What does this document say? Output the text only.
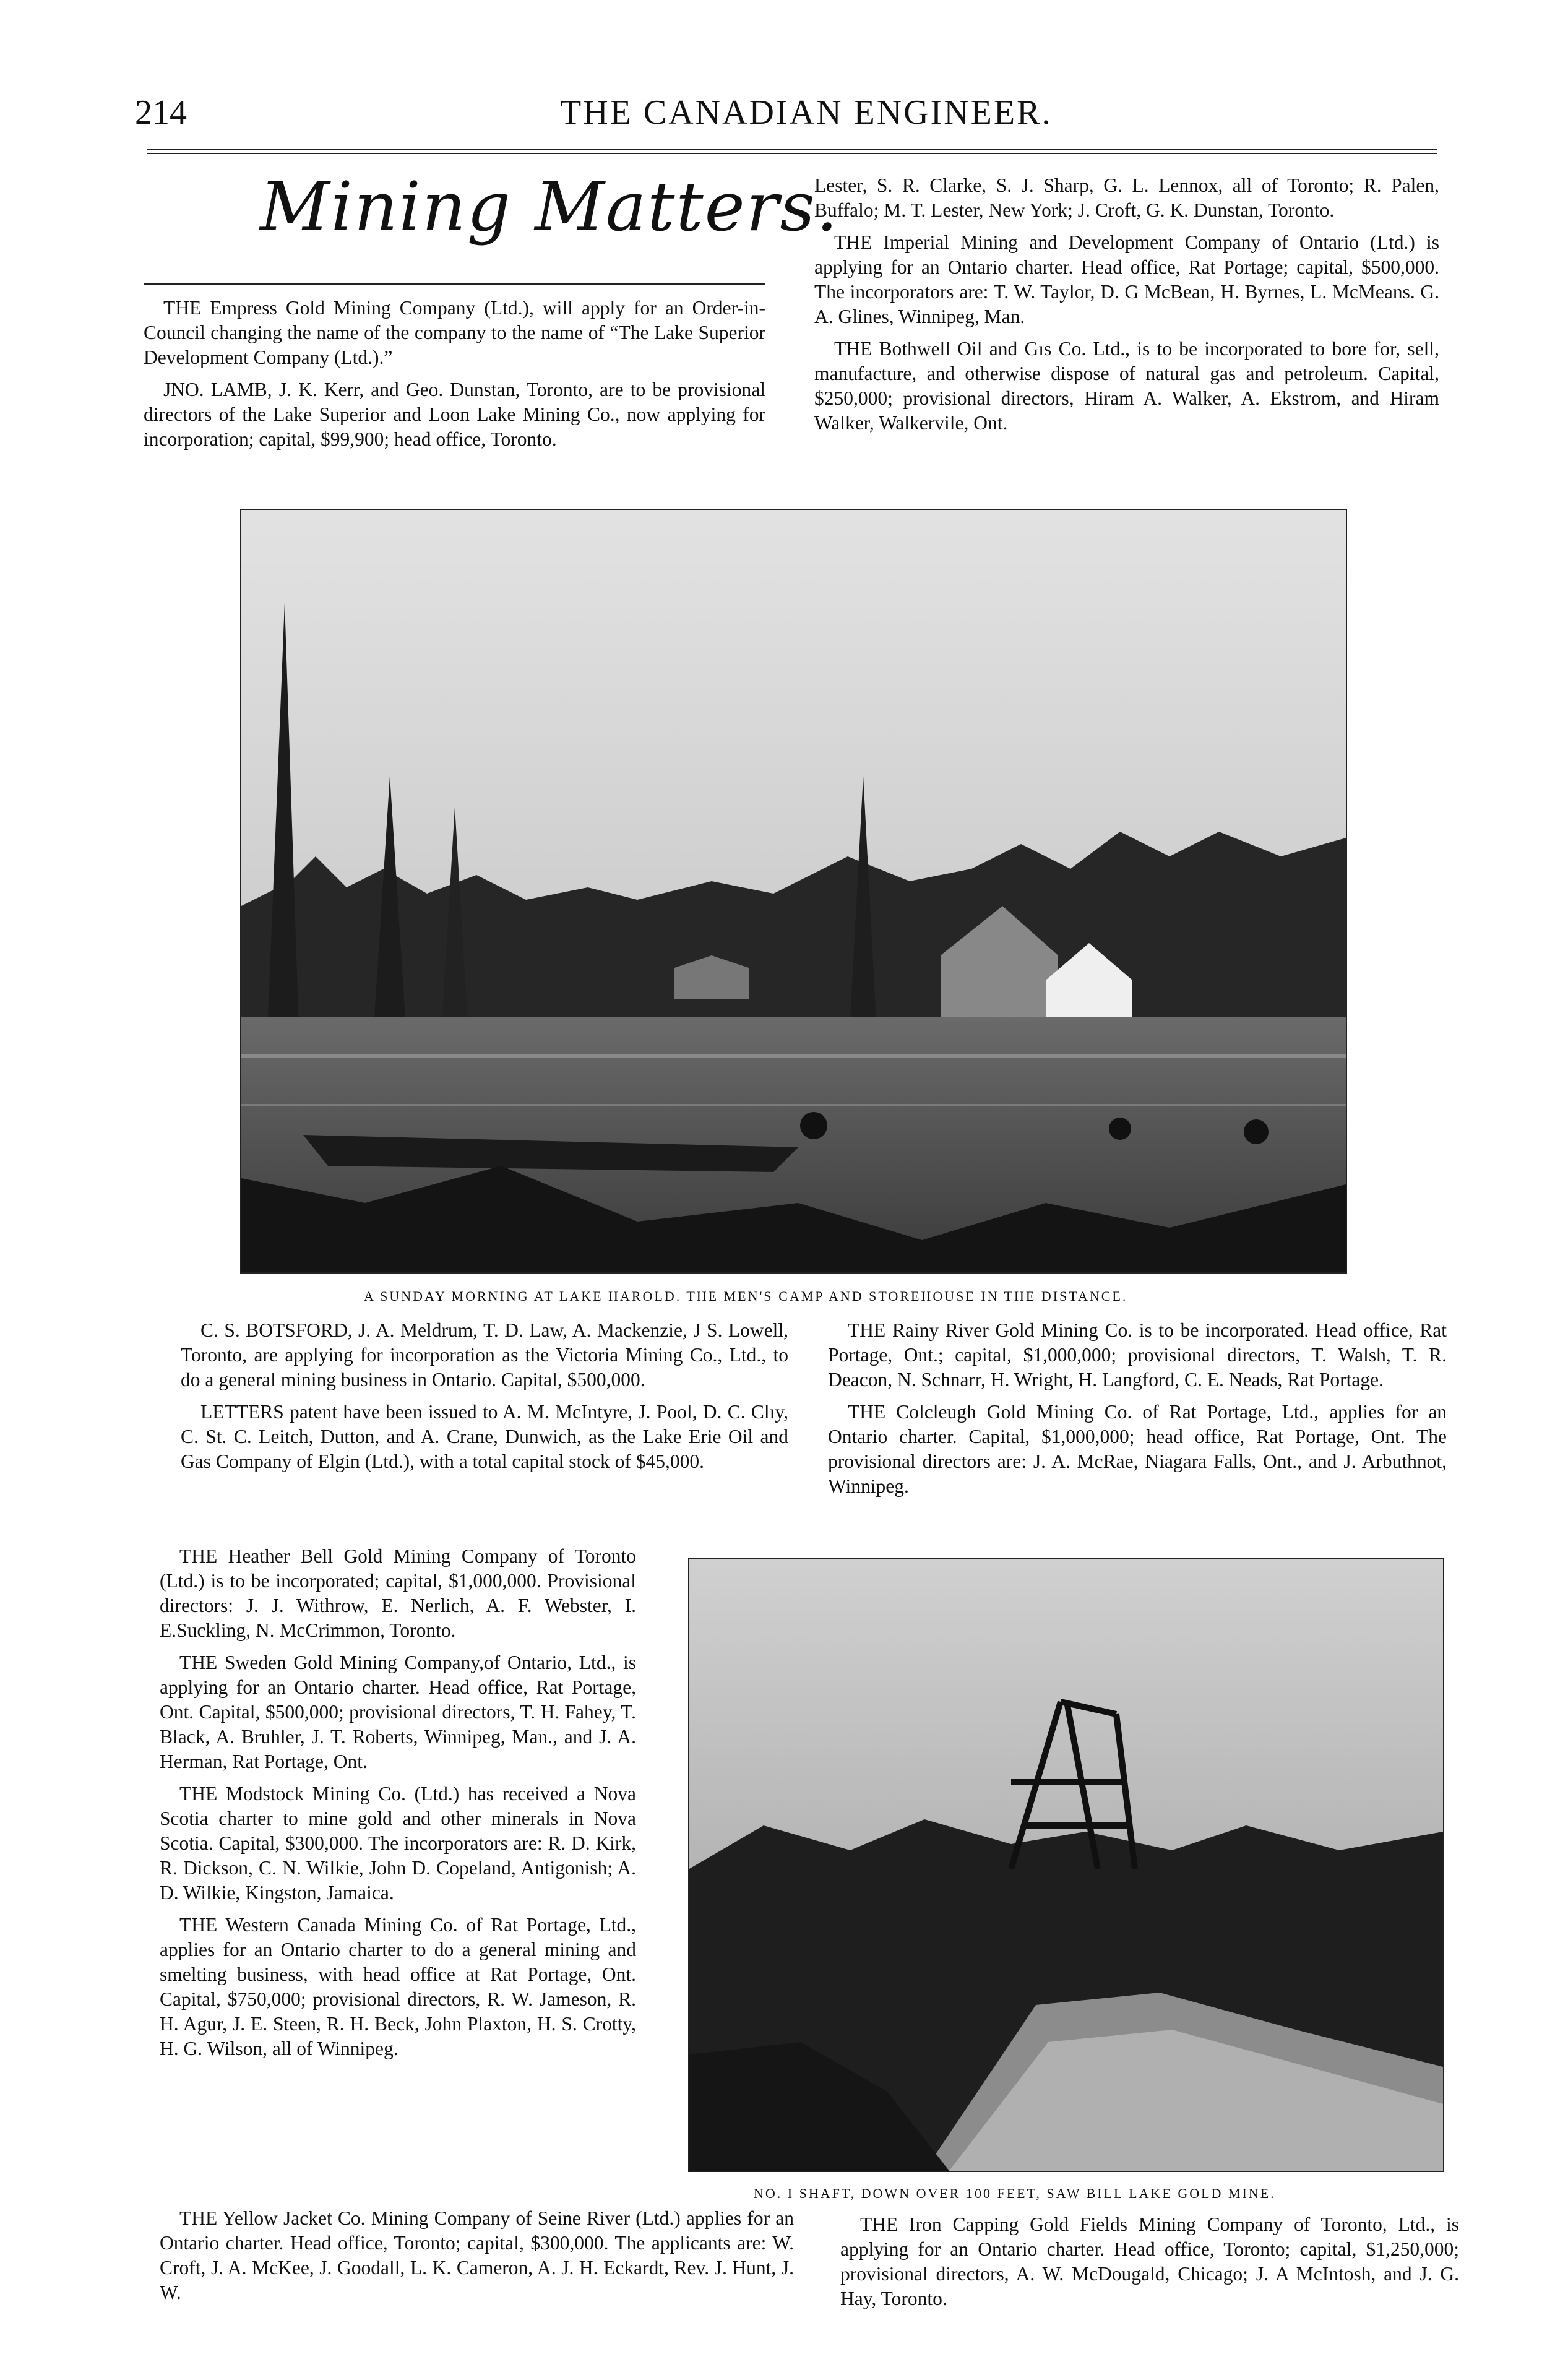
214	THE CANADIAN ENGINEER.
Mining Matters.

THE Empress Gold Mining Company (Ltd.), will apply for an Order-in-Council changing the name of the company to the name of “The Lake Superior Development Company (Ltd.).”

JNO. LAMB, J. K. Kerr, and Geo. Dunstan, Toronto, are to be provisional directors of the Lake Superior and Loon Lake Mining Co., now applying for incorporation; capital, $99,900; head office, Toronto.

Lester, S. R. Clarke, S. J. Sharp, G. L. Lennox, all of Toronto; R. Palen, Buffalo; M. T. Lester, New York; J. Croft, G. K. Dunstan, Toronto.

THE Imperial Mining and Development Company of Ontario (Ltd.) is applying for an Ontario charter. Head office, Rat Portage; capital, $500,000. The incorporators are: T. W. Taylor, D. G McBean, H. Byrnes, L. McMeans. G. A. Glines, Winnipeg, Man.

THE Bothwell Oil and Gıs Co. Ltd., is to be incorporated to bore for, sell, manufacture, and otherwise dispose of natural gas and petroleum. Capital, $250,000; provisional directors, Hiram A. Walker, A. Ekstrom, and Hiram Walker, Walkervile, Ont.

A SUNDAY MORNING AT LAKE HAROLD. THE MEN'S CAMP AND STOREHOUSE IN THE DISTANCE.

C. S. BOTSFORD, J. A. Meldrum, T. D. Law, A. Mackenzie, J S. Lowell, Toronto, are applying for incorporation as the Victoria Mining Co., Ltd., to do a general mining business in Ontario. Capital, $500,000.

LETTERS patent have been issued to A. M. McIntyre, J. Pool, D. C. Clıy, C. St. C. Leitch, Dutton, and A. Crane, Dunwich, as the Lake Erie Oil and Gas Company of Elgin (Ltd.), with a total capital stock of $45,000.

THE Rainy River Gold Mining Co. is to be incorporated. Head office, Rat Portage, Ont.; capital, $1,000,000; provisional directors, T. Walsh, T. R. Deacon, N. Schnarr, H. Wright, H. Langford, C. E. Neads, Rat Portage.

THE Colcleugh Gold Mining Co. of Rat Portage, Ltd., applies for an Ontario charter. Capital, $1,000,000; head office, Rat Portage, Ont. The provisional directors are: J. A. McRae, Niagara Falls, Ont., and J. Arbuthnot, Winnipeg.

THE Heather Bell Gold Mining Company of Toronto (Ltd.) is to be incorporated; capital, $1,000,000. Provisional directors: J. J. Withrow, E. Nerlich, A. F. Webster, I. E.Suckling, N. McCrimmon, Toronto.

THE Sweden Gold Mining Company,of Ontario, Ltd., is applying for an Ontario charter. Head office, Rat Portage, Ont. Capital, $500,000; provisional directors, T. H. Fahey, T. Black, A. Bruhler, J. T. Roberts, Winnipeg, Man., and J. A. Herman, Rat Portage, Ont.

THE Modstock Mining Co. (Ltd.) has received a Nova Scotia charter to mine gold and other minerals in Nova Scotia. Capital, $300,000. The incorporators are: R. D. Kirk, R. Dickson, C. N. Wilkie, John D. Copeland, Antigonish; A. D. Wilkie, Kingston, Jamaica.

THE Western Canada Mining Co. of Rat Portage, Ltd., applies for an Ontario charter to do a general mining and smelting business, with head office at Rat Portage, Ont. Capital, $750,000; provisional directors, R. W. Jameson, R. H. Agur, J. E. Steen, R. H. Beck, John Plaxton, H. S. Crotty, H. G. Wilson, all of Winnipeg.

NO. I SHAFT, DOWN OVER 100 FEET, SAW BILL LAKE GOLD MINE.

THE Yellow Jacket Co. Mining Company of Seine River (Ltd.) applies for an Ontario charter. Head office, Toronto; capital, $300,000. The applicants are: W. Croft, J. A. McKee, J. Goodall, L. K. Cameron, A. J. H. Eckardt, Rev. J. Hunt, J. W.

THE Iron Capping Gold Fields Mining Company of Toronto, Ltd., is applying for an Ontario charter. Head office, Toronto; capital, $1,250,000; provisional directors, A. W. McDougald, Chicago; J. A McIntosh, and J. G. Hay, Toronto.
